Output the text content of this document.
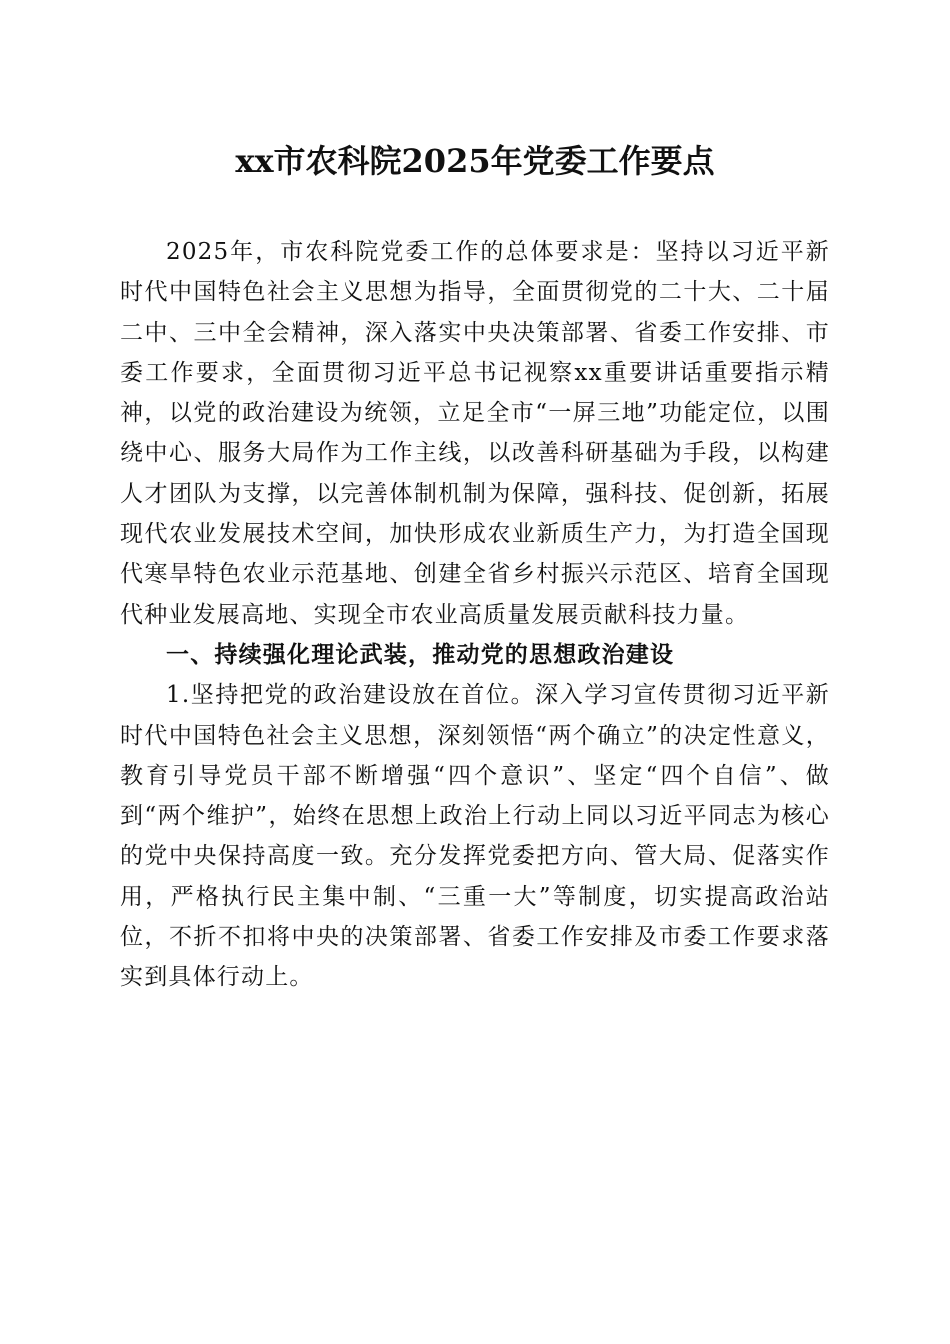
xx市农科院2025年党委工作要点

2025年，市农科院党委工作的总体要求是：坚持以习近平新时代中国特色社会主义思想为指导，全面贯彻党的二十大、二十届二中、三中全会精神，深入落实中央决策部署、省委工作安排、市委工作要求，全面贯彻习近平总书记视察xx重要讲话重要指示精神，以党的政治建设为统领，立足全市“一屏三地”功能定位，以围绕中心、服务大局作为工作主线，以改善科研基础为手段，以构建人才团队为支撑，以完善体制机制为保障，强科技、促创新，拓展现代农业发展技术空间，加快形成农业新质生产力，为打造全国现代寒旱特色农业示范基地、创建全省乡村振兴示范区、培育全国现代种业发展高地、实现全市农业高质量发展贡献科技力量。

一、持续强化理论武装，推动党的思想政治建设

1.坚持把党的政治建设放在首位。深入学习宣传贯彻习近平新时代中国特色社会主义思想，深刻领悟“两个确立”的决定性意义，教育引导党员干部不断增强“四个意识”、坚定“四个自信”、做到“两个维护”，始终在思想上政治上行动上同以习近平同志为核心的党中央保持高度一致。充分发挥党委把方向、管大局、促落实作用，严格执行民主集中制、“三重一大”等制度，切实提高政治站位，不折不扣将中央的决策部署、省委工作安排及市委工作要求落实到具体行动上。
